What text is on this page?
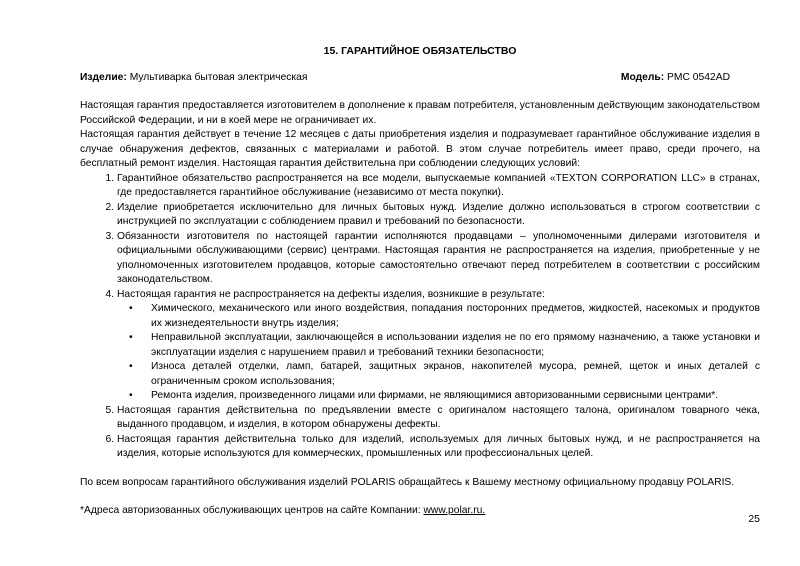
15. ГАРАНТИЙНОЕ ОБЯЗАТЕЛЬСТВО
Изделие: Мультиварка бытовая электрическая	Модель: PMC 0542AD

Настоящая гарантия предоставляется изготовителем в дополнение к правам потребителя, установленным действующим законодательством Российской Федерации, и ни в коей мере не ограничивает их.

Настоящая гарантия действует в течение 12 месяцев с даты приобретения изделия и подразумевает гарантийное обслуживание изделия в случае обнаружения дефектов, связанных с материалами и работой. В этом случае потребитель имеет право, среди прочего, на бесплатный ремонт изделия. Настоящая гарантия действительна при соблюдении следующих условий:

1. Гарантийное обязательство распространяется на все модели, выпускаемые компанией «TEXTON CORPORATION LLC» в странах, где предоставляется гарантийное обслуживание (независимо от места покупки).
2. Изделие приобретается исключительно для личных бытовых нужд. Изделие должно использоваться в строгом соответствии с инструкцией по эксплуатации с соблюдением правил и требований по безопасности.
3. Обязанности изготовителя по настоящей гарантии исполняются продавцами – уполномоченными дилерами изготовителя и официальными обслуживающими (сервис) центрами. Настоящая гарантия не распространяется на изделия, приобретенные у не уполномоченных изготовителем продавцов, которые самостоятельно отвечают перед потребителем в соответствии с российским законодательством.
4. Настоящая гарантия не распространяется на дефекты изделия, возникшие в результате:
• Химического, механического или иного воздействия, попадания посторонних предметов, жидкостей, насекомых и продуктов их жизнедеятельности внутрь изделия;
• Неправильной эксплуатации, заключающейся в использовании изделия не по его прямому назначению, а также установки и эксплуатации изделия с нарушением правил и требований техники безопасности;
• Износа деталей отделки, ламп, батарей, защитных экранов, накопителей мусора, ремней, щеток и иных деталей с ограниченным сроком использования;
• Ремонта изделия, произведенного лицами или фирмами, не являющимися авторизованными сервисными центрами*.
5. Настоящая гарантия действительна по предъявлении вместе с оригиналом настоящего талона, оригиналом товарного чека, выданного продавцом, и изделия, в котором обнаружены дефекты.
6. Настоящая гарантия действительна только для изделий, используемых для личных бытовых нужд, и не распространяется на изделия, которые используются для коммерческих, промышленных или профессиональных целей.

По всем вопросам гарантийного обслуживания изделий POLARIS обращайтесь к Вашему местному официальному продавцу POLARIS.

*Адреса авторизованных обслуживающих центров на сайте Компании: www.polar.ru.

25
